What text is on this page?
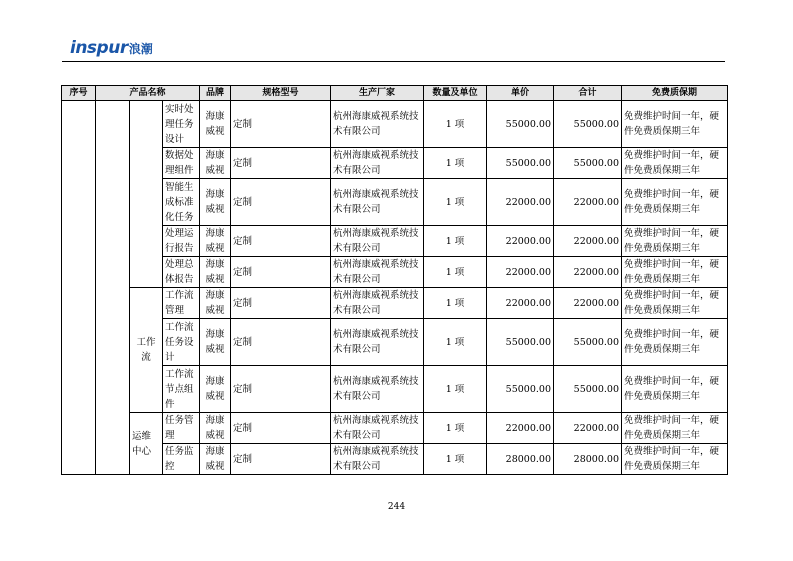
inspur 浪潮
序号	产品名称			品牌	规格型号	生产厂家	数量及单位	单价	合计	免费质保期
			实时处理任务设计	海康威视	定制	杭州海康威视系统技术有限公司	1 项	55000.00	55000.00	免费维护时间一年，硬件免费质保期三年
			数据处理组件	海康威视	定制	杭州海康威视系统技术有限公司	1 项	55000.00	55000.00	免费维护时间一年，硬件免费质保期三年
			智能生成标准化任务	海康威视	定制	杭州海康威视系统技术有限公司	1 项	22000.00	22000.00	免费维护时间一年，硬件免费质保期三年
			处理运行报告	海康威视	定制	杭州海康威视系统技术有限公司	1 项	22000.00	22000.00	免费维护时间一年，硬件免费质保期三年
			处理总体报告	海康威视	定制	杭州海康威视系统技术有限公司	1 项	22000.00	22000.00	免费维护时间一年，硬件免费质保期三年
		工作流	工作流管理	海康威视	定制	杭州海康威视系统技术有限公司	1 项	22000.00	22000.00	免费维护时间一年，硬件免费质保期三年
			工作流任务设计	海康威视	定制	杭州海康威视系统技术有限公司	1 项	55000.00	55000.00	免费维护时间一年，硬件免费质保期三年
			工作流节点组件	海康威视	定制	杭州海康威视系统技术有限公司	1 项	55000.00	55000.00	免费维护时间一年，硬件免费质保期三年
		运维中心	任务管理	海康威视	定制	杭州海康威视系统技术有限公司	1 项	22000.00	22000.00	免费维护时间一年，硬件免费质保期三年
			任务监控	海康威视	定制	杭州海康威视系统技术有限公司	1 项	28000.00	28000.00	免费维护时间一年，硬件免费质保期三年
244
